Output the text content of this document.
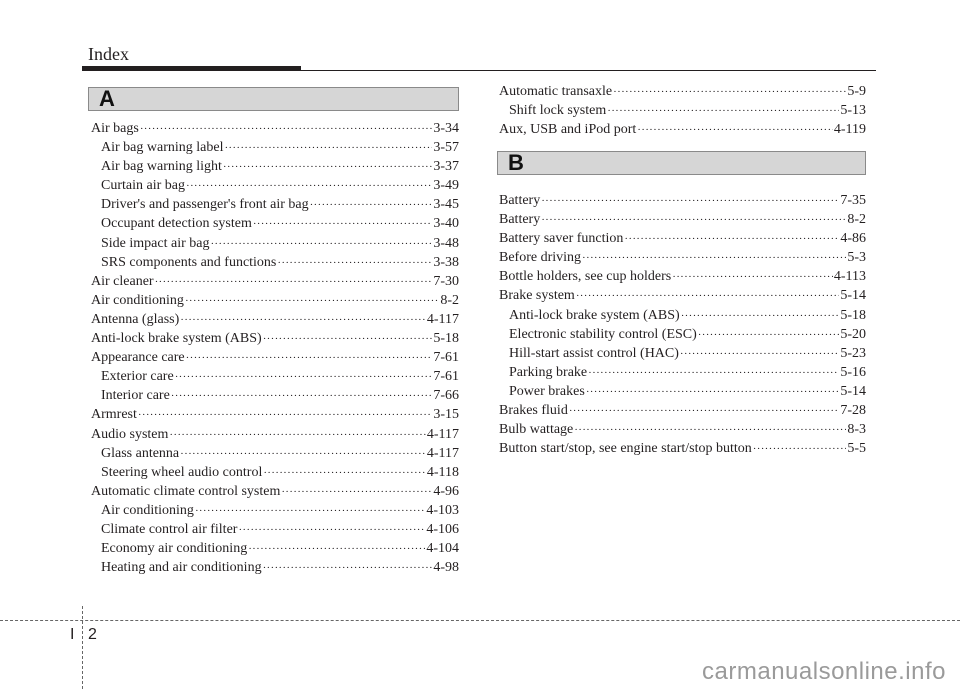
Index
A
B
Air bags ·····	3-34
Air bag warning label ·····	3-57
Air bag warning light ·····	3-37
Curtain air bag ·····	3-49
Driver's and passenger's front air bag ·····	3-45
Occupant detection system ·····	3-40
Side impact air bag ·····	3-48
SRS components and functions ·····	3-38
Air cleaner ·····	7-30
Air conditioning ·····	8-2
Antenna (glass) ·····	4-117
Anti-lock brake system (ABS) ·····	5-18
Appearance care ·····	7-61
Exterior care ·····	7-61
Interior care ·····	7-66
Armrest ·····	3-15
Audio system ·····	4-117
Glass antenna ·····	4-117
Steering wheel audio control ·····	4-118
Automatic climate control system ·····	4-96
Air conditioning ·····	4-103
Climate control air filter ·····	4-106
Economy air conditioning ·····	4-104
Heating and air conditioning ·····	4-98
Automatic transaxle ·····	5-9
Shift lock system ·····	5-13
Aux, USB and iPod port ·····	4-119
Battery ·····	7-35
Battery ·····	8-2
Battery saver function ·····	4-86
Before driving ·····	5-3
Bottle holders, see cup holders ·····	4-113
Brake system ·····	5-14
Anti-lock brake system (ABS) ·····	5-18
Electronic stability control (ESC) ·····	5-20
Hill-start assist control (HAC) ·····	5-23
Parking brake ·····	5-16
Power brakes ·····	5-14
Brakes fluid ·····	7-28
Bulb wattage ·····	8-3
Button start/stop, see engine start/stop button ·····	5-5
I 2
carmanualsonline.info
